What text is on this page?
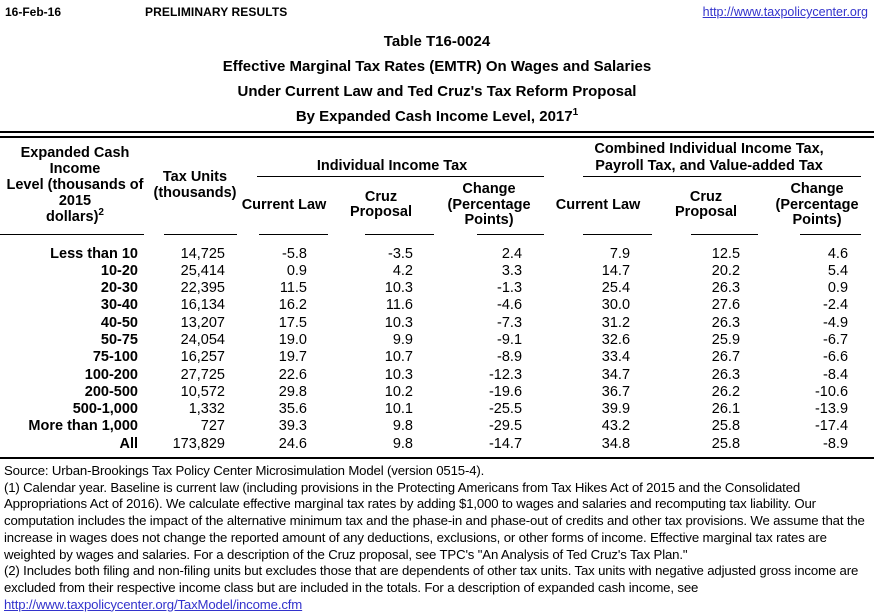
16-Feb-16	PRELIMINARY RESULTS	http://www.taxpolicycenter.org
Table T16-0024
Effective Marginal Tax Rates (EMTR) On Wages and Salaries
Under Current Law and Ted Cruz's Tax Reform Proposal
By Expanded Cash Income Level, 2017$^1$
Expanded Cash Income
Level (thousands of 2015
dollars)$^2$

Tax Units
(thousands)

Individual Income Tax

Combined Individual Income Tax,
Payroll Tax, and Value-added Tax

Current Law	Cruz
Proposal

Change
(Percentage
Points)

Current Law	Cruz
Proposal

Change
(Percentage
Points)

Less than 10	14,725	-5.8	-3.5	2.4	7.9	12.5	4.6
10-20	25,414	0.9	4.2	3.3	14.7	20.2	5.4
20-30	22,395	11.5	10.3	-1.3	25.4	26.3	0.9
30-40	16,134	16.2	11.6	-4.6	30.0	27.6	-2.4
40-50	13,207	17.5	10.3	-7.3	31.2	26.3	-4.9
50-75	24,054	19.0	9.9	-9.1	32.6	25.9	-6.7
75-100	16,257	19.7	10.7	-8.9	33.4	26.7	-6.6
100-200	27,725	22.6	10.3	-12.3	34.7	26.3	-8.4
200-500	10,572	29.8	10.2	-19.6	36.7	26.2	-10.6
500-1,000	1,332	35.6	10.1	-25.5	39.9	26.1	-13.9
More than 1,000	727	39.3	9.8	-29.5	43.2	25.8	-17.4
All	173,829	24.6	9.8	-14.7	34.8	25.8	-8.9

Source: Urban-Brookings Tax Policy Center Microsimulation Model (version 0515-4).

(1) Calendar year. Baseline is current law (including provisions in the Protecting Americans from Tax Hikes Act of 2015 and the Consolidated Appropriations Act of 2016). We calculate effective marginal tax rates by adding $1,000 to wages and salaries and recomputing tax liability. Our computation includes the impact of the alternative minimum tax and the phase-in and phase-out of credits and other tax provisions. We assume that the increase in wages does not change the reported amount of any deductions, exclusions, or other forms of income. Effective marginal tax rates are weighted by wages and salaries. For a description of the Cruz proposal, see TPC's "An Analysis of Ted Cruz's Tax Plan."

(2) Includes both filing and non-filing units but excludes those that are dependents of other tax units. Tax units with negative adjusted gross income are excluded from their respective income class but are included in the totals. For a description of expanded cash income, see

http://www.taxpolicycenter.org/TaxModel/income.cfm
